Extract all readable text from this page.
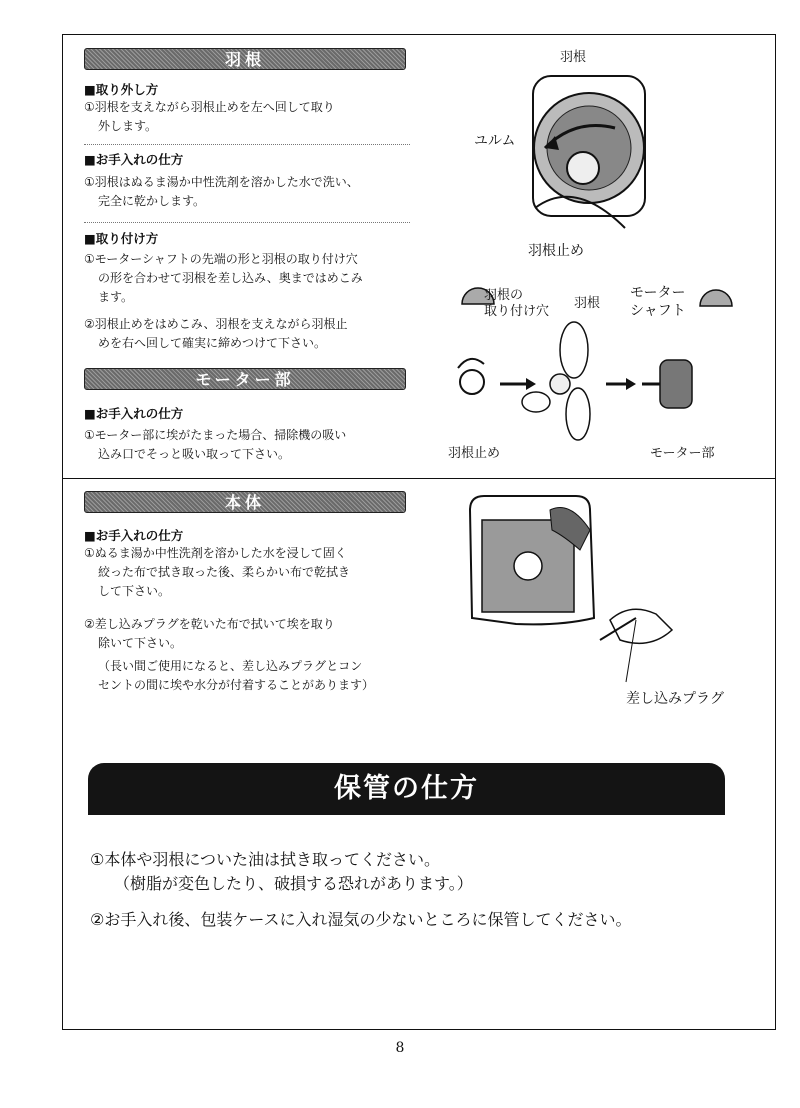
羽根
■取り外し方
①羽根を支えながら羽根止めを左へ回して取り
外します。
■お手入れの仕方
①羽根はぬるま湯か中性洗剤を溶かした水で洗い、
完全に乾かします。
■取り付け方
①モーターシャフトの先端の形と羽根の取り付け穴
の形を合わせて羽根を差し込み、奥まではめこみ
ます。
②羽根止めをはめこみ、羽根を支えながら羽根止
めを右へ回して確実に締めつけて下さい。
モーター部
■お手入れの仕方
①モーター部に埃がたまった場合、掃除機の吸い
込み口でそっと吸い取って下さい。
本体
■お手入れの仕方
①ぬるま湯か中性洗剤を溶かした水を浸して固く
絞った布で拭き取った後、柔らかい布で乾拭き
して下さい。
②差し込みプラグを乾いた布で拭いて埃を取り
除いて下さい。
（長い間ご使用になると、差し込みプラグとコン
セントの間に埃や水分が付着することがあります）
羽根
ユルム
羽根止め
羽根の
取り付け穴
羽根
モーター
シャフト
羽根止め	モーター部
差し込みプラグ
保管の仕方
①本体や羽根についた油は拭き取ってください。
（樹脂が変色したり、破損する恐れがあります。）
②お手入れ後、包装ケースに入れ湿気の少ないところに保管してください。
8
